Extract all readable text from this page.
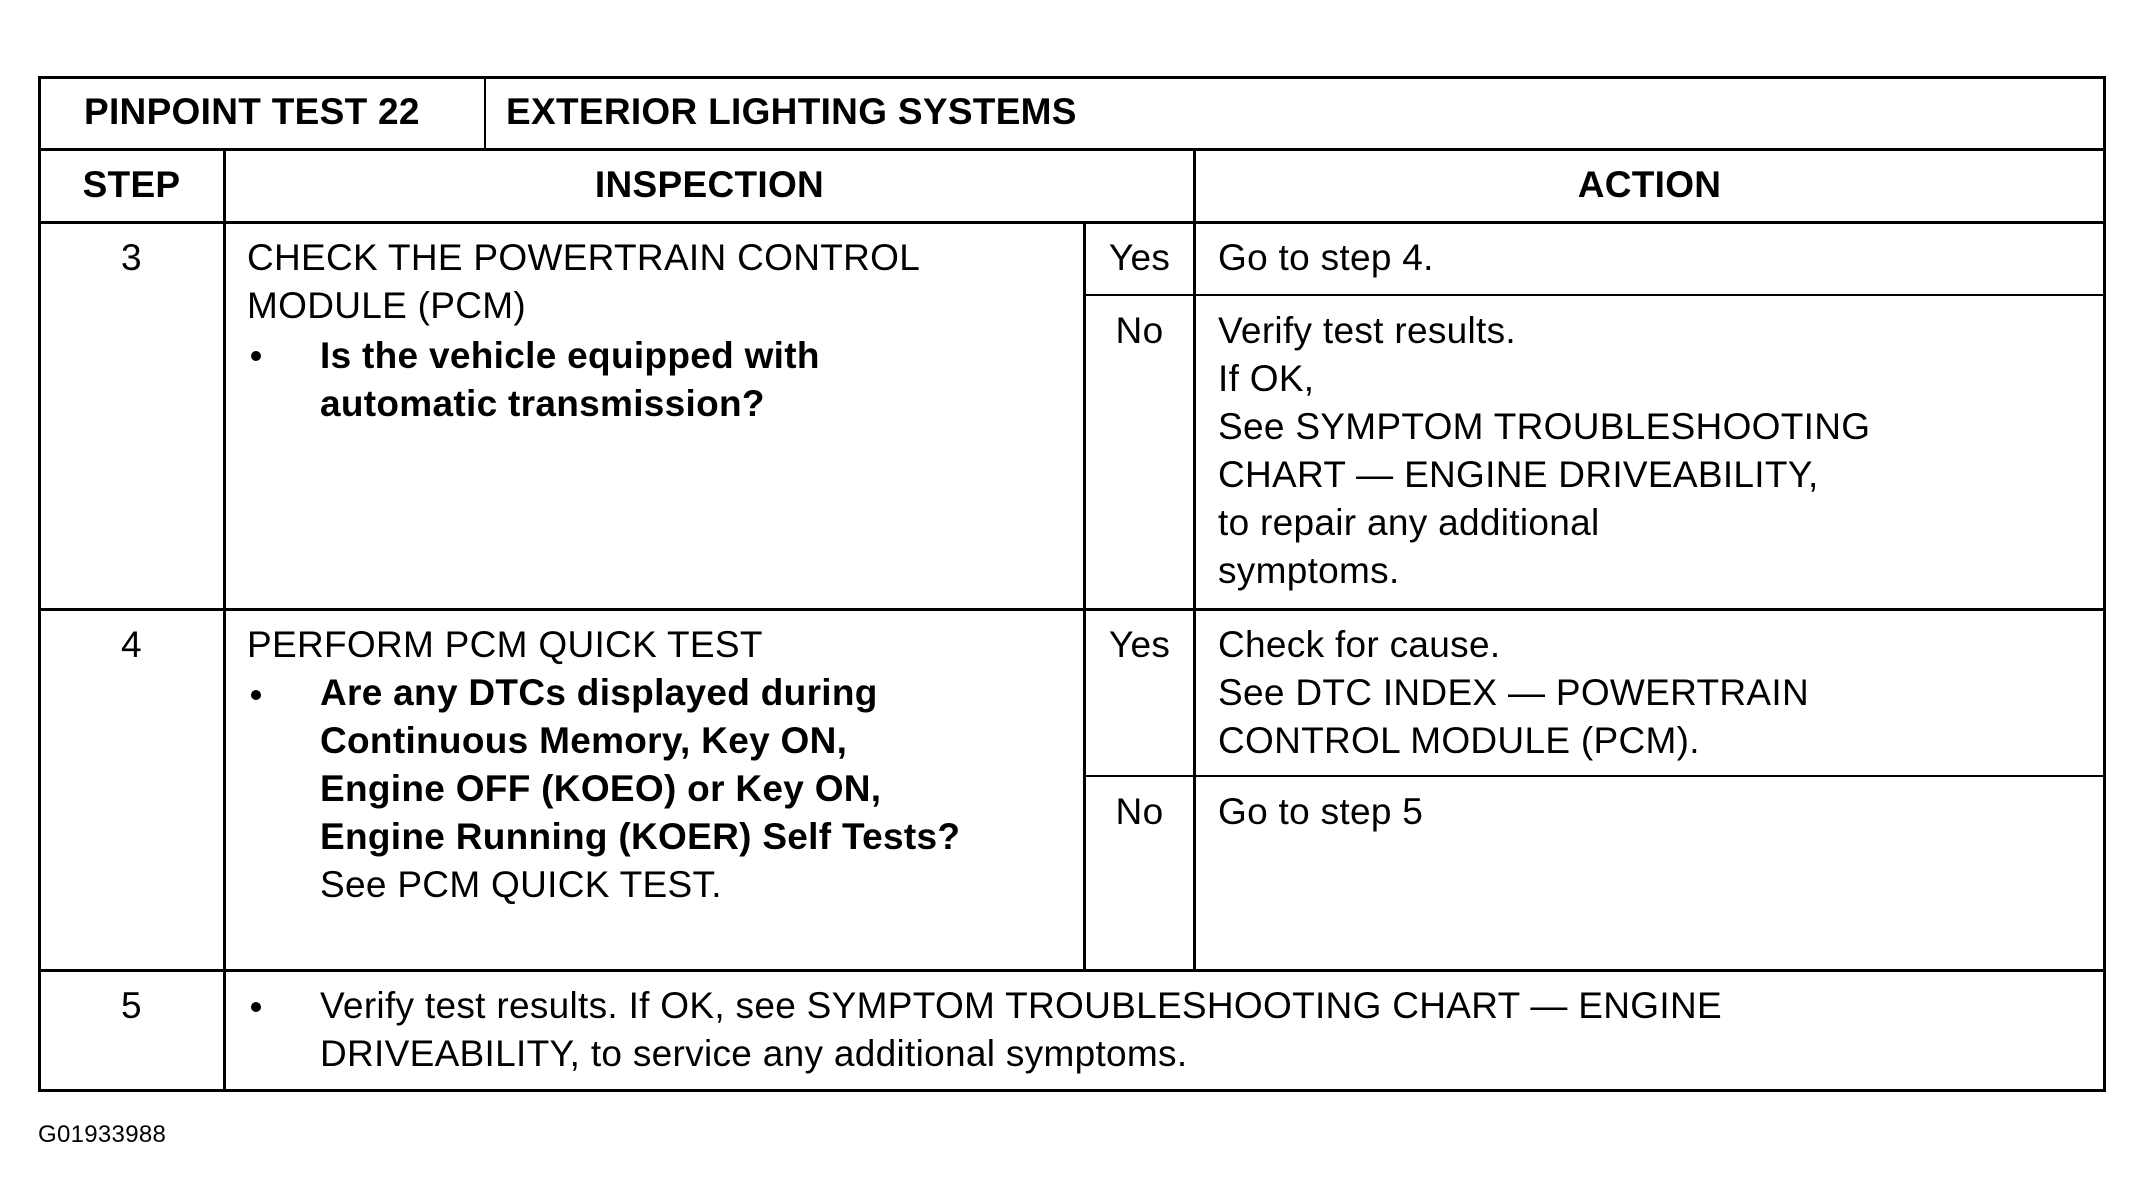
PINPOINT TEST 22 EXTERIOR LIGHTING SYSTEMS
STEP	INSPECTION	ACTION
3	CHECK THE POWERTRAIN CONTROL
MODULE (PCM)
Is the vehicle equipped with
automatic transmission?
Yes	Go to step 4.
No	Verify test results.
If OK,
See SYMPTOM TROUBLESHOOTING
CHART — ENGINE DRIVEABILITY,
to repair any additional
symptoms.
4	PERFORM PCM QUICK TEST
Are any DTCs displayed during
Continuous Memory, Key ON,
Engine OFF (KOEO) or Key ON,
Engine Running (KOER) Self Tests?
See PCM QUICK TEST.
Yes	Check for cause.
See DTC INDEX — POWERTRAIN
CONTROL MODULE (PCM).
No	Go to step 5
5	Verify test results. If OK, see SYMPTOM TROUBLESHOOTING CHART — ENGINE
DRIVEABILITY, to service any additional symptoms.
G01933988
